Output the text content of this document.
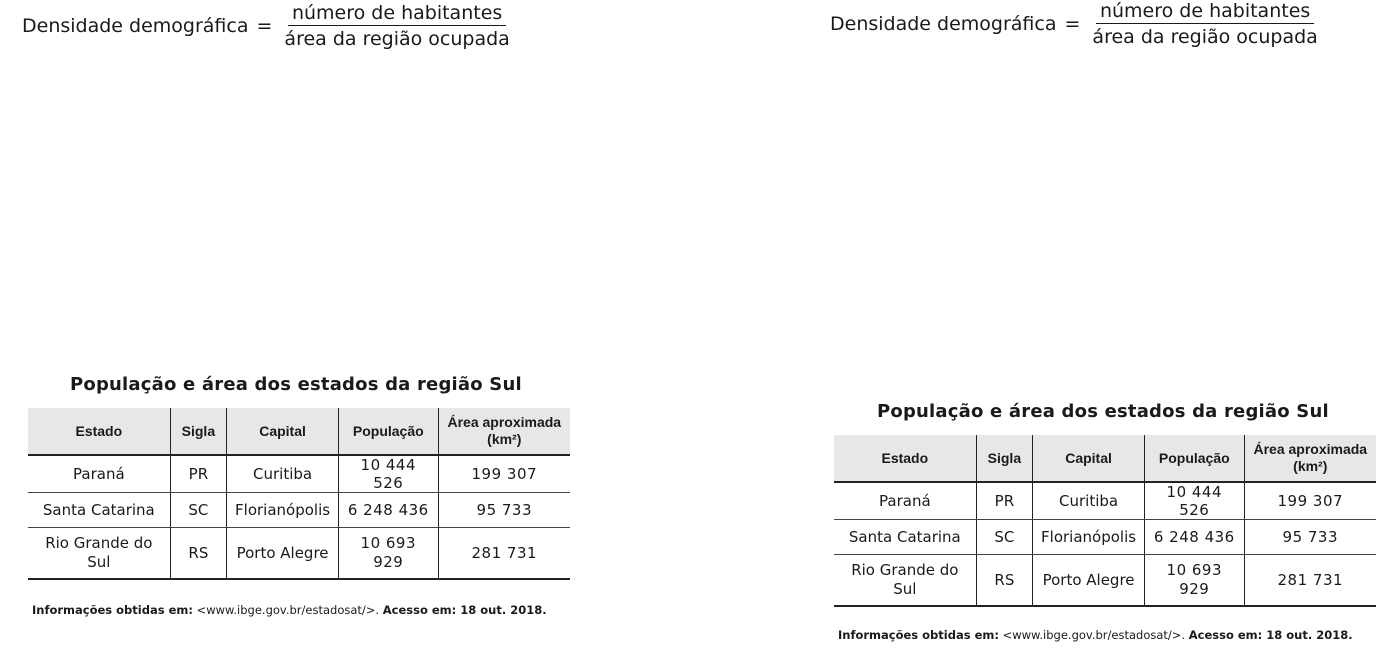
Densidade demográfica = $\frac{\text{número de habitantes}}{\text{área da região ocupada}}$
População e área dos estados da região Sul
Estado	Sigla	Capital	População	Área aproximada
(km²)
Paraná	PR	Curitiba	10 444 526	199 307
Santa Catarina	SC	Florianópolis	6 248 436	95 733
Rio Grande do Sul	RS	Porto Alegre	10 693 929	281 731
Informações obtidas em: <www.ibge.gov.br/estadosat/>. Acesso em: 18 out. 2018.
Densidade demográfica = $\frac{\text{número de habitantes}}{\text{área da região ocupada}}$
População e área dos estados da região Sul
Estado	Sigla	Capital	População	Área aproximada
(km²)
Paraná	PR	Curitiba	10 444 526	199 307
Santa Catarina	SC	Florianópolis	6 248 436	95 733
Rio Grande do Sul	RS	Porto Alegre	10 693 929	281 731
Informações obtidas em: <www.ibge.gov.br/estadosat/>. Acesso em: 18 out. 2018.
